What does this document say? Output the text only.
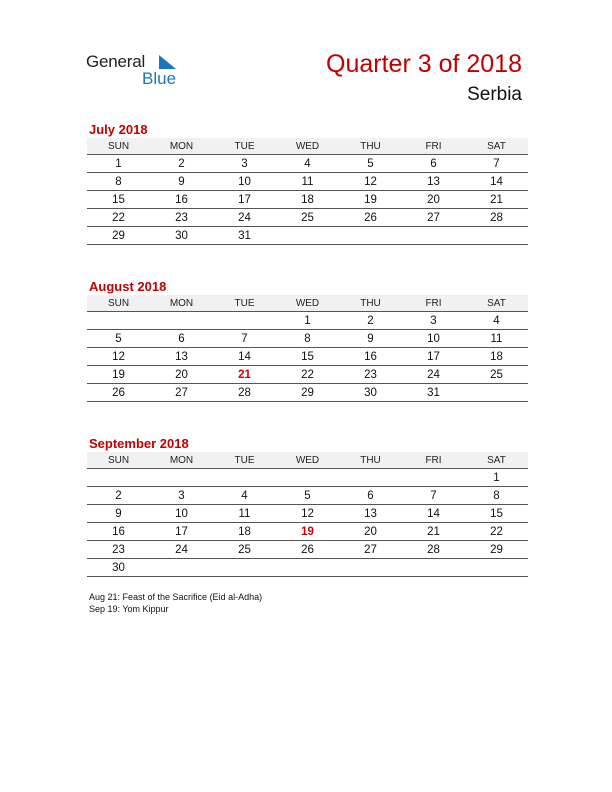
General
Blue
Quarter 3 of 2018
Serbia
July 2018
SUN	MON	TUE	WED	THU	FRI	SAT
1	2	3	4	5	6	7
8	9	10	11	12	13	14
15	16	17	18	19	20	21
22	23	24	25	26	27	28
29	30	31				
August 2018
SUN	MON	TUE	WED	THU	FRI	SAT
			1	2	3	4
5	6	7	8	9	10	11
12	13	14	15	16	17	18
19	20	21	22	23	24	25
26	27	28	29	30	31	
September 2018
SUN	MON	TUE	WED	THU	FRI	SAT
						1
2	3	4	5	6	7	8
9	10	11	12	13	14	15
16	17	18	19	20	21	22
23	24	25	26	27	28	29
30						
Aug 21: Feast of the Sacrifice (Eid al-Adha)
Sep 19: Yom Kippur
